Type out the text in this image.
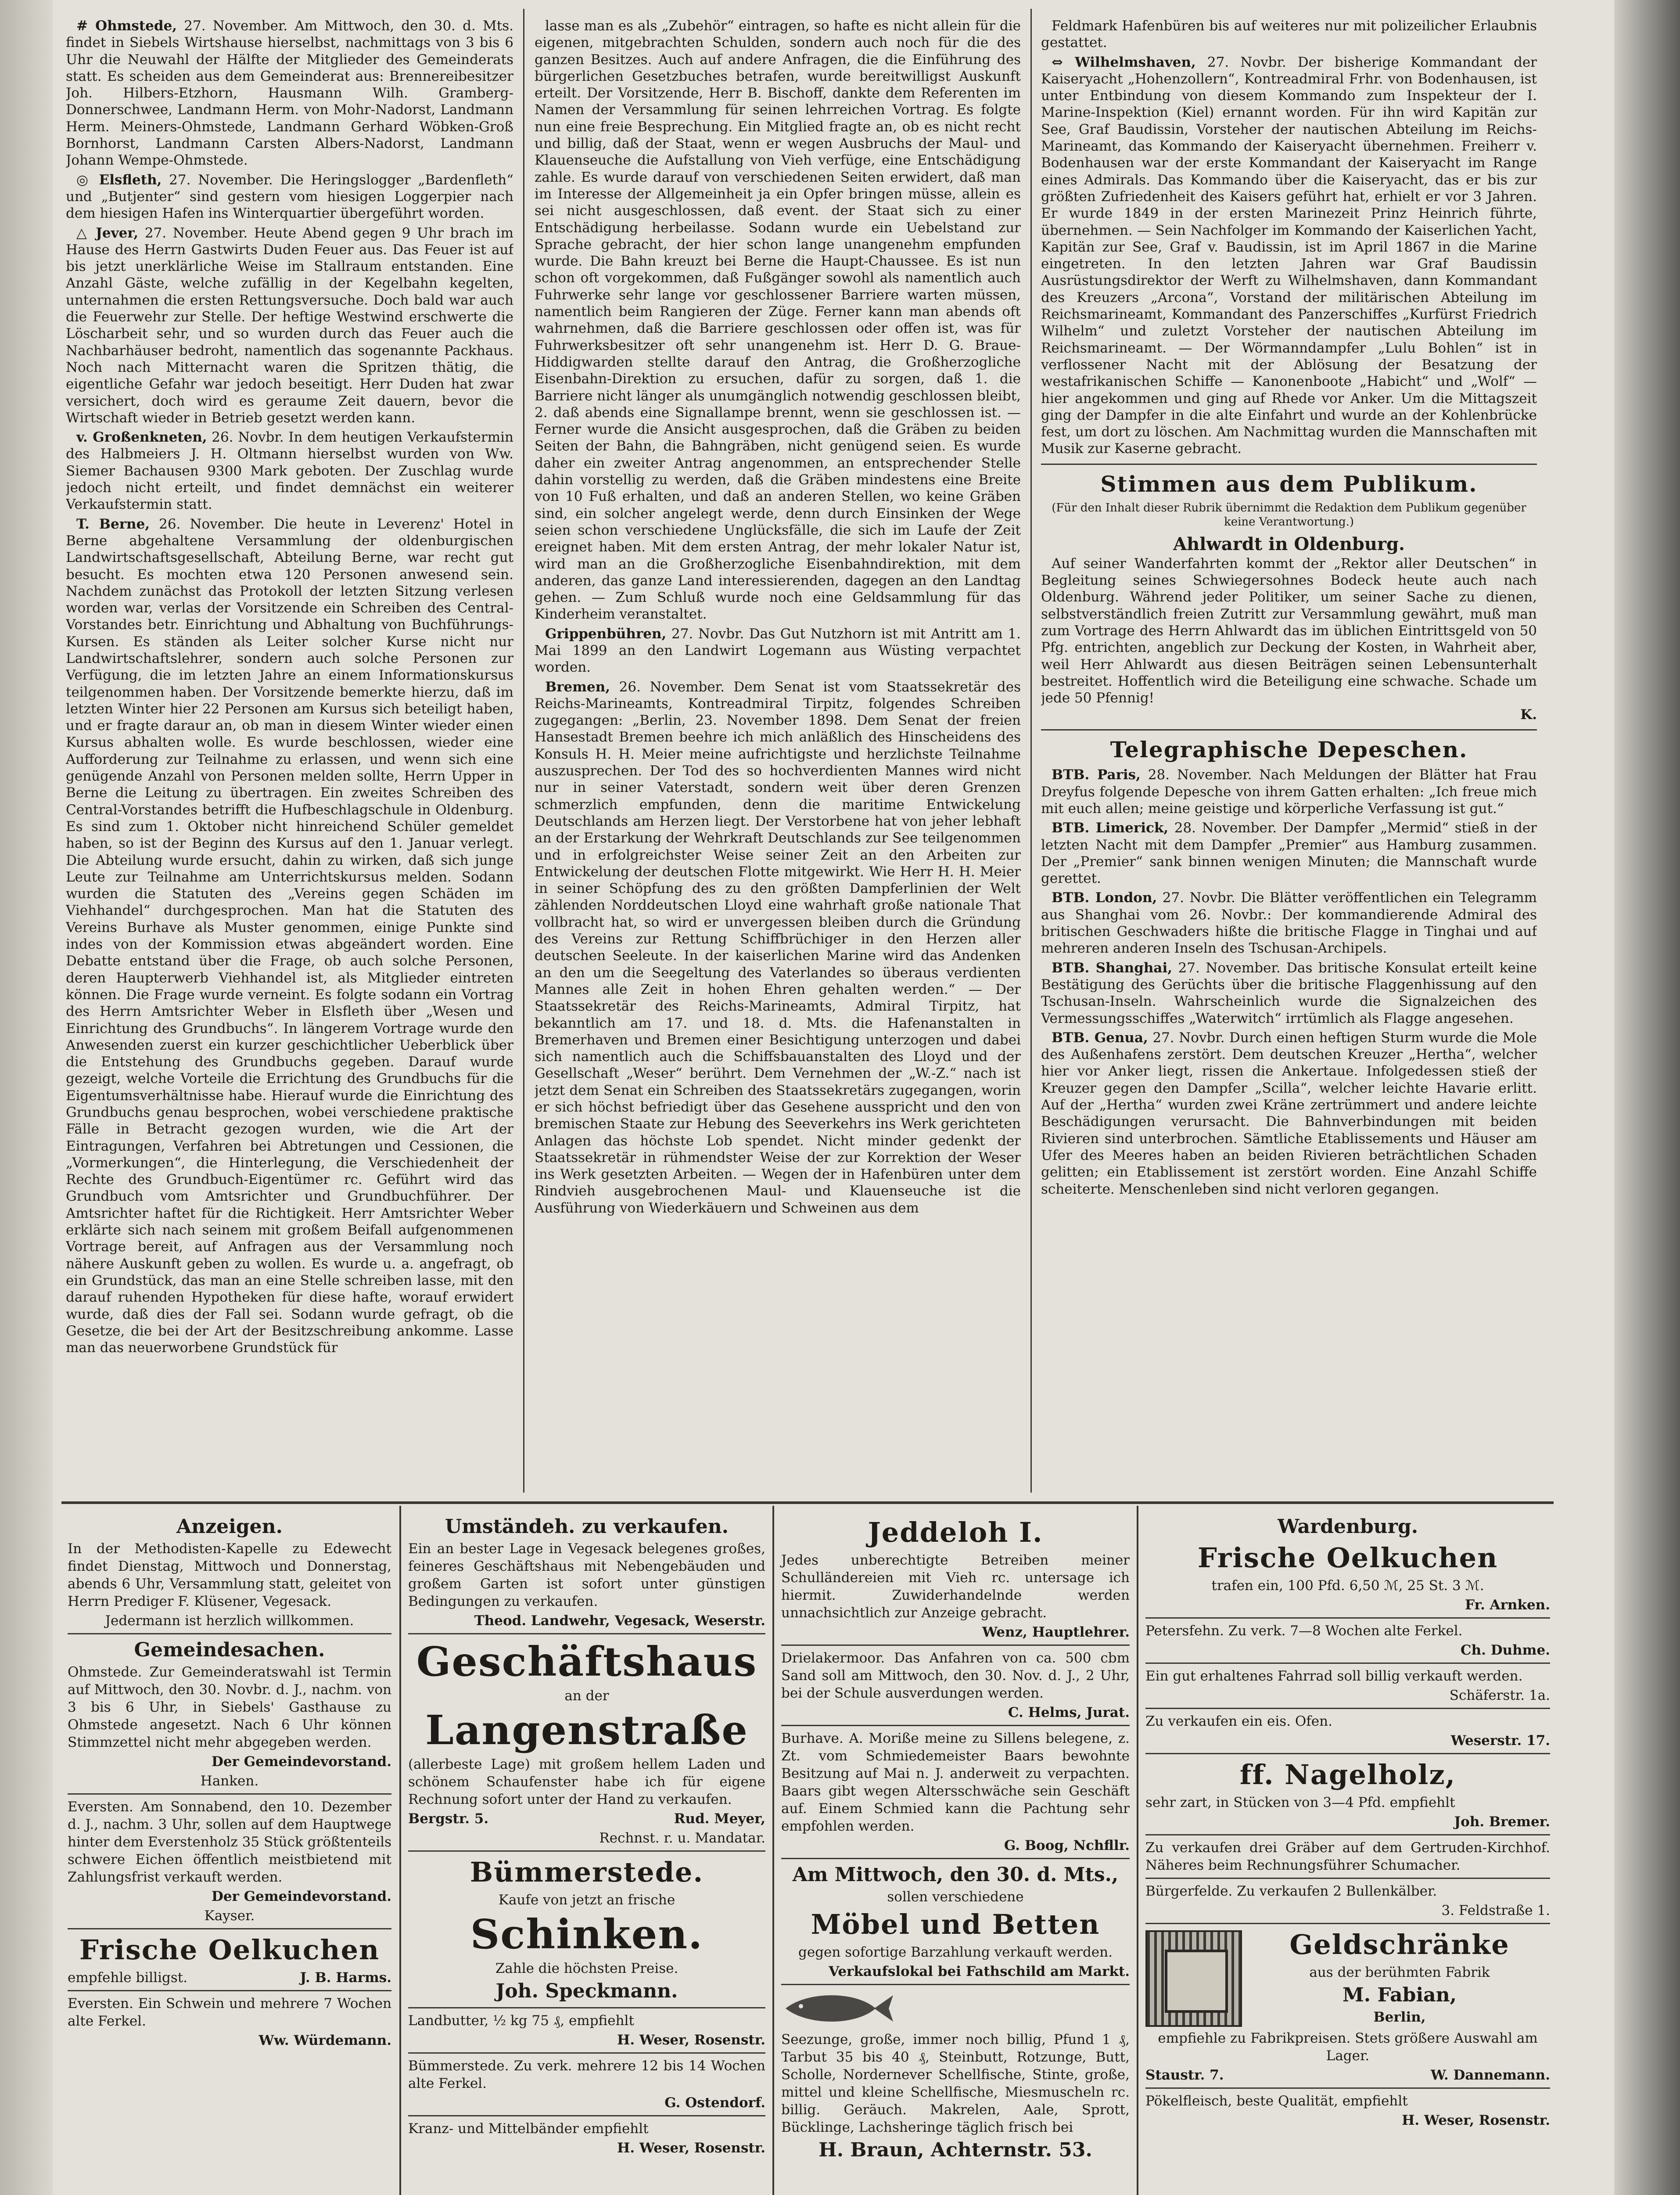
# Ohmstede, 27. November. Am Mittwoch, den 30. d. Mts. findet in Siebels Wirtshause hierselbst, nachmittags von 3 bis 6 Uhr die Neuwahl der Hälfte der Mitglieder des Gemeinderats statt. Es scheiden aus dem Gemeinderat aus: Brennereibesitzer Joh. Hilbers-Etzhorn, Hausmann Wilh. Gramberg-Donnerschwee, Landmann Herm. von Mohr-Nadorst, Landmann Herm. Meiners-Ohmstede, Landmann Gerhard Wöbken-Groß Bornhorst, Landmann Carsten Albers-Nadorst, Landmann Johann Wempe-Ohmstede.

◎ Elsfleth, 27. November. Die Heringslogger „Bardenfleth“ und „Butjenter“ sind gestern vom hiesigen Loggerpier nach dem hiesigen Hafen ins Winterquartier übergeführt worden.

△ Jever, 27. November. Heute Abend gegen 9 Uhr brach im Hause des Herrn Gastwirts Duden Feuer aus. Das Feuer ist auf bis jetzt unerklärliche Weise im Stallraum entstanden. Eine Anzahl Gäste, welche zufällig in der Kegelbahn kegelten, unternahmen die ersten Rettungsversuche. Doch bald war auch die Feuerwehr zur Stelle. Der heftige Westwind erschwerte die Löscharbeit sehr, und so wurden durch das Feuer auch die Nachbarhäuser bedroht, namentlich das sogenannte Packhaus. Noch nach Mitternacht waren die Spritzen thätig, die eigentliche Gefahr war jedoch beseitigt. Herr Duden hat zwar versichert, doch wird es geraume Zeit dauern, bevor die Wirtschaft wieder in Betrieb gesetzt werden kann.

v. Großenkneten, 26. Novbr. In dem heutigen Verkaufstermin des Halbmeiers J. H. Oltmann hierselbst wurden von Ww. Siemer Bachausen 9300 Mark geboten. Der Zuschlag wurde jedoch nicht erteilt, und findet demnächst ein weiterer Verkaufstermin statt.

T. Berne, 26. November. Die heute in Leverenz' Hotel in Berne abgehaltene Versammlung der oldenburgischen Landwirtschaftsgesellschaft, Abteilung Berne, war recht gut besucht. Es mochten etwa 120 Personen anwesend sein. Nachdem zunächst das Protokoll der letzten Sitzung verlesen worden war, verlas der Vorsitzende ein Schreiben des Central-Vorstandes betr. Einrichtung und Abhaltung von Buchführungs-Kursen. Es ständen als Leiter solcher Kurse nicht nur Landwirtschaftslehrer, sondern auch solche Personen zur Verfügung, die im letzten Jahre an einem Informationskursus teilgenommen haben. Der Vorsitzende bemerkte hierzu, daß im letzten Winter hier 22 Personen am Kursus sich beteiligt haben, und er fragte daraur an, ob man in diesem Winter wieder einen Kursus abhalten wolle. Es wurde beschlossen, wieder eine Aufforderung zur Teilnahme zu erlassen, und wenn sich eine genügende Anzahl von Personen melden sollte, Herrn Upper in Berne die Leitung zu übertragen. Ein zweites Schreiben des Central-Vorstandes betrifft die Hufbeschlagschule in Oldenburg. Es sind zum 1. Oktober nicht hinreichend Schüler gemeldet haben, so ist der Beginn des Kursus auf den 1. Januar verlegt. Die Abteilung wurde ersucht, dahin zu wirken, daß sich junge Leute zur Teilnahme am Unterrichtskursus melden. Sodann wurden die Statuten des „Vereins gegen Schäden im Viehhandel“ durchgesprochen. Man hat die Statuten des Vereins Burhave als Muster genommen, einige Punkte sind indes von der Kommission etwas abgeändert worden. Eine Debatte entstand über die Frage, ob auch solche Personen, deren Haupterwerb Viehhandel ist, als Mitglieder eintreten können. Die Frage wurde verneint. Es folgte sodann ein Vortrag des Herrn Amtsrichter Weber in Elsfleth über „Wesen und Einrichtung des Grundbuchs“. In längerem Vortrage wurde den Anwesenden zuerst ein kurzer geschichtlicher Ueberblick über die Entstehung des Grundbuchs gegeben. Darauf wurde gezeigt, welche Vorteile die Errichtung des Grundbuchs für die Eigentumsverhältnisse habe. Hierauf wurde die Einrichtung des Grundbuchs genau besprochen, wobei verschiedene praktische Fälle in Betracht gezogen wurden, wie die Art der Eintragungen, Verfahren bei Abtretungen und Cessionen, die „Vormerkungen“, die Hinterlegung, die Verschiedenheit der Rechte des Grundbuch-Eigentümer rc. Geführt wird das Grundbuch vom Amtsrichter und Grundbuchführer. Der Amtsrichter haftet für die Richtigkeit. Herr Amtsrichter Weber erklärte sich nach seinem mit großem Beifall aufgenommenen Vortrage bereit, auf Anfragen aus der Versammlung noch nähere Auskunft geben zu wollen. Es wurde u. a. angefragt, ob ein Grundstück, das man an eine Stelle schreiben lasse, mit den darauf ruhenden Hypotheken für diese hafte, worauf erwidert wurde, daß dies der Fall sei. Sodann wurde gefragt, ob die Gesetze, die bei der Art der Besitzschreibung ankomme. Lasse man das neuerworbene Grundstück für

lasse man es als „Zubehör“ eintragen, so hafte es nicht allein für die eigenen, mitgebrachten Schulden, sondern auch noch für die des ganzen Besitzes. Auch auf andere Anfragen, die die Einführung des bürgerlichen Gesetzbuches betrafen, wurde bereitwilligst Auskunft erteilt. Der Vorsitzende, Herr B. Bischoff, dankte dem Referenten im Namen der Versammlung für seinen lehrreichen Vortrag. Es folgte nun eine freie Besprechung. Ein Mitglied fragte an, ob es nicht recht und billig, daß der Staat, wenn er wegen Ausbruchs der Maul- und Klauenseuche die Aufstallung von Vieh verfüge, eine Entschädigung zahle. Es wurde darauf von verschiedenen Seiten erwidert, daß man im Interesse der Allgemeinheit ja ein Opfer bringen müsse, allein es sei nicht ausgeschlossen, daß event. der Staat sich zu einer Entschädigung herbeilasse. Sodann wurde ein Uebelstand zur Sprache gebracht, der hier schon lange unangenehm empfunden wurde. Die Bahn kreuzt bei Berne die Haupt-Chaussee. Es ist nun schon oft vorgekommen, daß Fußgänger sowohl als namentlich auch Fuhrwerke sehr lange vor geschlossener Barriere warten müssen, namentlich beim Rangieren der Züge. Ferner kann man abends oft wahrnehmen, daß die Barriere geschlossen oder offen ist, was für Fuhrwerksbesitzer oft sehr unangenehm ist. Herr D. G. Braue-Hiddigwarden stellte darauf den Antrag, die Großherzogliche Eisenbahn-Direktion zu ersuchen, dafür zu sorgen, daß 1. die Barriere nicht länger als unumgänglich notwendig geschlossen bleibt, 2. daß abends eine Signallampe brennt, wenn sie geschlossen ist. — Ferner wurde die Ansicht ausgesprochen, daß die Gräben zu beiden Seiten der Bahn, die Bahngräben, nicht genügend seien. Es wurde daher ein zweiter Antrag angenommen, an entsprechender Stelle dahin vorstellig zu werden, daß die Gräben mindestens eine Breite von 10 Fuß erhalten, und daß an anderen Stellen, wo keine Gräben sind, ein solcher angelegt werde, denn durch Einsinken der Wege seien schon verschiedene Unglücksfälle, die sich im Laufe der Zeit ereignet haben. Mit dem ersten Antrag, der mehr lokaler Natur ist, wird man an die Großherzogliche Eisenbahndirektion, mit dem anderen, das ganze Land interessierenden, dagegen an den Landtag gehen. — Zum Schluß wurde noch eine Geldsammlung für das Kinderheim veranstaltet.

Grippenbühren, 27. Novbr. Das Gut Nutzhorn ist mit Antritt am 1. Mai 1899 an den Landwirt Logemann aus Wüsting verpachtet worden.

Bremen, 26. November. Dem Senat ist vom Staatssekretär des Reichs-Marineamts, Kontreadmiral Tirpitz, folgendes Schreiben zugegangen: „Berlin, 23. November 1898. Dem Senat der freien Hansestadt Bremen beehre ich mich anläßlich des Hinscheidens des Konsuls H. H. Meier meine aufrichtigste und herzlichste Teilnahme auszusprechen. Der Tod des so hochverdienten Mannes wird nicht nur in seiner Vaterstadt, sondern weit über deren Grenzen schmerzlich empfunden, denn die maritime Entwickelung Deutschlands am Herzen liegt. Der Verstorbene hat von jeher lebhaft an der Erstarkung der Wehrkraft Deutschlands zur See teilgenommen und in erfolgreichster Weise seiner Zeit an den Arbeiten zur Entwickelung der deutschen Flotte mitgewirkt. Wie Herr H. H. Meier in seiner Schöpfung des zu den größten Dampferlinien der Welt zählenden Norddeutschen Lloyd eine wahrhaft große nationale That vollbracht hat, so wird er unvergessen bleiben durch die Gründung des Vereins zur Rettung Schiffbrüchiger in den Herzen aller deutschen Seeleute. In der kaiserlichen Marine wird das Andenken an den um die Seegeltung des Vaterlandes so überaus verdienten Mannes alle Zeit in hohen Ehren gehalten werden.“ — Der Staatssekretär des Reichs-Marineamts, Admiral Tirpitz, hat bekanntlich am 17. und 18. d. Mts. die Hafenanstalten in Bremerhaven und Bremen einer Besichtigung unterzogen und dabei sich namentlich auch die Schiffsbauanstalten des Lloyd und der Gesellschaft „Weser“ berührt. Dem Vernehmen der „W.-Z.“ nach ist jetzt dem Senat ein Schreiben des Staatssekretärs zugegangen, worin er sich höchst befriedigt über das Gesehene ausspricht und den von bremischen Staate zur Hebung des Seeverkehrs ins Werk gerichteten Anlagen das höchste Lob spendet. Nicht minder gedenkt der Staatssekretär in rühmendster Weise der zur Korrektion der Weser ins Werk gesetzten Arbeiten. — Wegen der in Hafenbüren unter dem Rindvieh ausgebrochenen Maul- und Klauenseuche ist die Ausführung von Wiederkäuern und Schweinen aus dem

Feldmark Hafenbüren bis auf weiteres nur mit polizeilicher Erlaubnis gestattet.

⇔ Wilhelmshaven, 27. Novbr. Der bisherige Kommandant der Kaiseryacht „Hohenzollern“, Kontreadmiral Frhr. von Bodenhausen, ist unter Entbindung von diesem Kommando zum Inspekteur der I. Marine-Inspektion (Kiel) ernannt worden. Für ihn wird Kapitän zur See, Graf Baudissin, Vorsteher der nautischen Abteilung im Reichs-Marineamt, das Kommando der Kaiseryacht übernehmen. Freiherr v. Bodenhausen war der erste Kommandant der Kaiseryacht im Range eines Admirals. Das Kommando über die Kaiseryacht, das er bis zur größten Zufriedenheit des Kaisers geführt hat, erhielt er vor 3 Jahren. Er wurde 1849 in der ersten Marinezeit Prinz Heinrich führte, übernehmen. — Sein Nachfolger im Kommando der Kaiserlichen Yacht, Kapitän zur See, Graf v. Baudissin, ist im April 1867 in die Marine eingetreten. In den letzten Jahren war Graf Baudissin Ausrüstungsdirektor der Werft zu Wilhelmshaven, dann Kommandant des Kreuzers „Arcona“, Vorstand der militärischen Abteilung im Reichsmarineamt, Kommandant des Panzerschiffes „Kurfürst Friedrich Wilhelm“ und zuletzt Vorsteher der nautischen Abteilung im Reichsmarineamt. — Der Wörmanndampfer „Lulu Bohlen“ ist in verflossener Nacht mit der Ablösung der Besatzung der westafrikanischen Schiffe — Kanonenboote „Habicht“ und „Wolf“ — hier angekommen und ging auf Rhede vor Anker. Um die Mittagszeit ging der Dampfer in die alte Einfahrt und wurde an der Kohlenbrücke fest, um dort zu löschen. Am Nachmittag wurden die Mannschaften mit Musik zur Kaserne gebracht.

Stimmen aus dem Publikum.
(Für den Inhalt dieser Rubrik übernimmt die Redaktion dem Publikum gegenüber keine Verantwortung.)
Ahlwardt in Oldenburg.

Auf seiner Wanderfahrten kommt der „Rektor aller Deutschen“ in Begleitung seines Schwiegersohnes Bodeck heute auch nach Oldenburg. Während jeder Politiker, um seiner Sache zu dienen, selbstverständlich freien Zutritt zur Versammlung gewährt, muß man zum Vortrage des Herrn Ahlwardt das im üblichen Eintrittsgeld von 50 Pfg. entrichten, angeblich zur Deckung der Kosten, in Wahrheit aber, weil Herr Ahlwardt aus diesen Beiträgen seinen Lebensunterhalt bestreitet. Hoffentlich wird die Beteiligung eine schwache. Schade um jede 50 Pfennig!

K.

Telegraphische Depeschen.

BTB. Paris, 28. November. Nach Meldungen der Blätter hat Frau Dreyfus folgende Depesche von ihrem Gatten erhalten: „Ich freue mich mit euch allen; meine geistige und körperliche Verfassung ist gut.“

BTB. Limerick, 28. November. Der Dampfer „Mermid“ stieß in der letzten Nacht mit dem Dampfer „Premier“ aus Hamburg zusammen. Der „Premier“ sank binnen wenigen Minuten; die Mannschaft wurde gerettet.

BTB. London, 27. Novbr. Die Blätter veröffentlichen ein Telegramm aus Shanghai vom 26. Novbr.: Der kommandierende Admiral des britischen Geschwaders hißte die britische Flagge in Tinghai und auf mehreren anderen Inseln des Tschusan-Archipels.

BTB. Shanghai, 27. November. Das britische Konsulat erteilt keine Bestätigung des Gerüchts über die britische Flaggenhissung auf den Tschusan-Inseln. Wahrscheinlich wurde die Signalzeichen des Vermessungsschiffes „Waterwitch“ irrtümlich als Flagge angesehen.

BTB. Genua, 27. Novbr. Durch einen heftigen Sturm wurde die Mole des Außenhafens zerstört. Dem deutschen Kreuzer „Hertha“, welcher hier vor Anker liegt, rissen die Ankertaue. Infolgedessen stieß der Kreuzer gegen den Dampfer „Scilla“, welcher leichte Havarie erlitt. Auf der „Hertha“ wurden zwei Kräne zertrümmert und andere leichte Beschädigungen verursacht. Die Bahnverbindungen mit beiden Rivieren sind unterbrochen. Sämtliche Etablissements und Häuser am Ufer des Meeres haben an beiden Rivieren beträchtlichen Schaden gelitten; ein Etablissement ist zerstört worden. Eine Anzahl Schiffe scheiterte. Menschenleben sind nicht verloren gegangen.

Anzeigen.

In der Methodisten-Kapelle zu Edewecht findet Dienstag, Mittwoch und Donnerstag, abends 6 Uhr, Versammlung statt, geleitet von Herrn Prediger F. Klüsener, Vegesack.

Jedermann ist herzlich willkommen.

Gemeindesachen.

Ohmstede. Zur Gemeinderatswahl ist Termin auf Mittwoch, den 30. Novbr. d. J., nachm. von 3 bis 6 Uhr, in Siebels' Gasthause zu Ohmstede angesetzt. Nach 6 Uhr können Stimmzettel nicht mehr abgegeben werden.

Der Gemeindevorstand.

Hanken.

Eversten. Am Sonnabend, den 10. Dezember d. J., nachm. 3 Uhr, sollen auf dem Hauptwege hinter dem Everstenholz 35 Stück größtenteils schwere Eichen öffentlich meistbietend mit Zahlungsfrist verkauft werden.

Der Gemeindevorstand.

Kayser.

Frische Oelkuchen

empfehle billigst.	J. B. Harms.

Eversten. Ein Schwein und mehrere 7 Wochen alte Ferkel.

Ww. Würdemann.

Umständeh. zu verkaufen.

Ein an bester Lage in Vegesack belegenes großes, feineres Geschäftshaus mit Nebengebäuden und großem Garten ist sofort unter günstigen Bedingungen zu verkaufen.

Theod. Landwehr, Vegesack, Weserstr.

Geschäftshaus

an der

Langenstraße

(allerbeste Lage) mit großem hellem Laden und schönem Schaufenster habe ich für eigene Rechnung sofort unter der Hand zu verkaufen.

Bergstr. 5.	Rud. Meyer,

Rechnst. r. u. Mandatar.

Bümmerstede.

Kaufe von jetzt an frische

Schinken.

Zahle die höchsten Preise.

Joh. Speckmann.

Landbutter, ½ kg 75 ₰, empfiehlt

H. Weser, Rosenstr.

Bümmerstede. Zu verk. mehrere 12 bis 14 Wochen alte Ferkel.

G. Ostendorf.

Kranz- und Mittelbänder empfiehlt

H. Weser, Rosenstr.

Jeddeloh I.

Jedes unberechtigte Betreiben meiner Schulländereien mit Vieh rc. untersage ich hiermit. Zuwiderhandelnde werden unnachsichtlich zur Anzeige gebracht.

Wenz, Hauptlehrer.

Drielakermoor. Das Anfahren von ca. 500 cbm Sand soll am Mittwoch, den 30. Nov. d. J., 2 Uhr, bei der Schule ausverdungen werden.

C. Helms, Jurat.

Burhave. A. Moriße meine zu Sillens belegene, z. Zt. vom Schmiedemeister Baars bewohnte Besitzung auf Mai n. J. anderweit zu verpachten. Baars gibt wegen Altersschwäche sein Geschäft auf. Einem Schmied kann die Pachtung sehr empfohlen werden.

G. Boog, Nchfllr.

Am Mittwoch, den 30. d. Mts.,

sollen verschiedene

Möbel und Betten

gegen sofortige Barzahlung verkauft werden.

Verkaufslokal bei Fathschild am Markt.

Seezunge, große, immer noch billig, Pfund 1 ₰, Tarbut 35 bis 40 ₰, Steinbutt, Rotzunge, Butt, Scholle, Nordernever Schellfische, Stinte, große, mittel und kleine Schellfische, Miesmuscheln rc. billig. Geräuch. Makrelen, Aale, Sprott, Bücklinge, Lachsheringe täglich frisch bei

H. Braun, Achternstr. 53.
Wardenburg.
Frische Oelkuchen

trafen ein, 100 Pfd. 6,50 ℳ, 25 St. 3 ℳ.

Fr. Arnken.

Petersfehn. Zu verk. 7—8 Wochen alte Ferkel.

Ch. Duhme.

Ein gut erhaltenes Fahrrad soll billig verkauft werden.

Schäferstr. 1a.

Zu verkaufen ein eis. Ofen.

Weserstr. 17.

ff. Nagelholz,

sehr zart, in Stücken von 3—4 Pfd. empfiehlt

Joh. Bremer.

Zu verkaufen drei Gräber auf dem Gertruden-Kirchhof. Näheres beim Rechnungsführer Schumacher.

Bürgerfelde. Zu verkaufen 2 Bullenkälber.

3. Feldstraße 1.

Geldschränke

aus der berühmten Fabrik

M. Fabian,

Berlin,

empfiehle zu Fabrikpreisen. Stets größere Auswahl am Lager.

Staustr. 7.	W. Dannemann.

Pökelfleisch, beste Qualität, empfiehlt

H. Weser, Rosenstr.
